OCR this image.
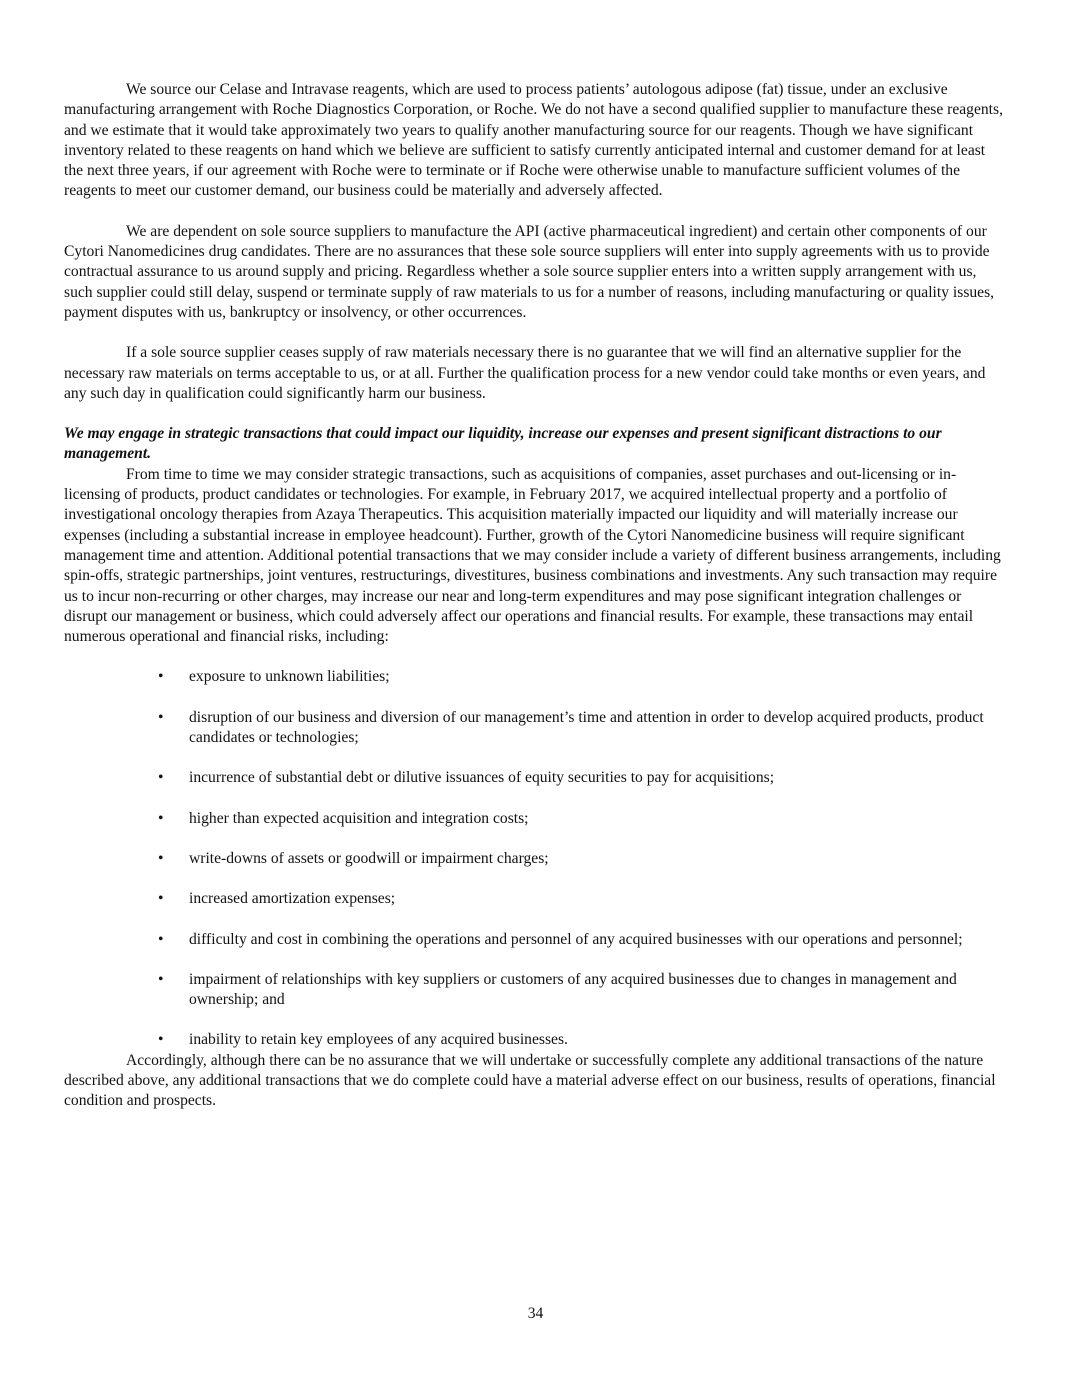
We source our Celase and Intravase reagents, which are used to process patients’ autologous adipose (fat) tissue, under an exclusive manufacturing arrangement with Roche Diagnostics Corporation, or Roche. We do not have a second qualified supplier to manufacture these reagents, and we estimate that it would take approximately two years to qualify another manufacturing source for our reagents. Though we have significant inventory related to these reagents on hand which we believe are sufficient to satisfy currently anticipated internal and customer demand for at least the next three years, if our agreement with Roche were to terminate or if Roche were otherwise unable to manufacture sufficient volumes of the reagents to meet our customer demand, our business could be materially and adversely affected.

We are dependent on sole source suppliers to manufacture the API (active pharmaceutical ingredient) and certain other components of our Cytori Nanomedicines drug candidates. There are no assurances that these sole source suppliers will enter into supply agreements with us to provide contractual assurance to us around supply and pricing. Regardless whether a sole source supplier enters into a written supply arrangement with us, such supplier could still delay, suspend or terminate supply of raw materials to us for a number of reasons, including manufacturing or quality issues, payment disputes with us, bankruptcy or insolvency, or other occurrences.

If a sole source supplier ceases supply of raw materials necessary there is no guarantee that we will find an alternative supplier for the necessary raw materials on terms acceptable to us, or at all. Further the qualification process for a new vendor could take months or even years, and any such day in qualification could significantly harm our business.

We may engage in strategic transactions that could impact our liquidity, increase our expenses and present significant distractions to our management.

From time to time we may consider strategic transactions, such as acquisitions of companies, asset purchases and out-licensing or in-licensing of products, product candidates or technologies. For example, in February 2017, we acquired intellectual property and a portfolio of investigational oncology therapies from Azaya Therapeutics. This acquisition materially impacted our liquidity and will materially increase our expenses (including a substantial increase in employee headcount). Further, growth of the Cytori Nanomedicine business will require significant management time and attention. Additional potential transactions that we may consider include a variety of different business arrangements, including spin-offs, strategic partnerships, joint ventures, restructurings, divestitures, business combinations and investments. Any such transaction may require us to incur non-recurring or other charges, may increase our near and long-term expenditures and may pose significant integration challenges or disrupt our management or business, which could adversely affect our operations and financial results. For example, these transactions may entail numerous operational and financial risks, including:

• exposure to unknown liabilities;
• disruption of our business and diversion of our management’s time and attention in order to develop acquired products, product candidates or technologies;
• incurrence of substantial debt or dilutive issuances of equity securities to pay for acquisitions;
• higher than expected acquisition and integration costs;
• write-downs of assets or goodwill or impairment charges;
• increased amortization expenses;
• difficulty and cost in combining the operations and personnel of any acquired businesses with our operations and personnel;
• impairment of relationships with key suppliers or customers of any acquired businesses due to changes in management and ownership; and
• inability to retain key employees of any acquired businesses.

Accordingly, although there can be no assurance that we will undertake or successfully complete any additional transactions of the nature described above, any additional transactions that we do complete could have a material adverse effect on our business, results of operations, financial condition and prospects.

34
